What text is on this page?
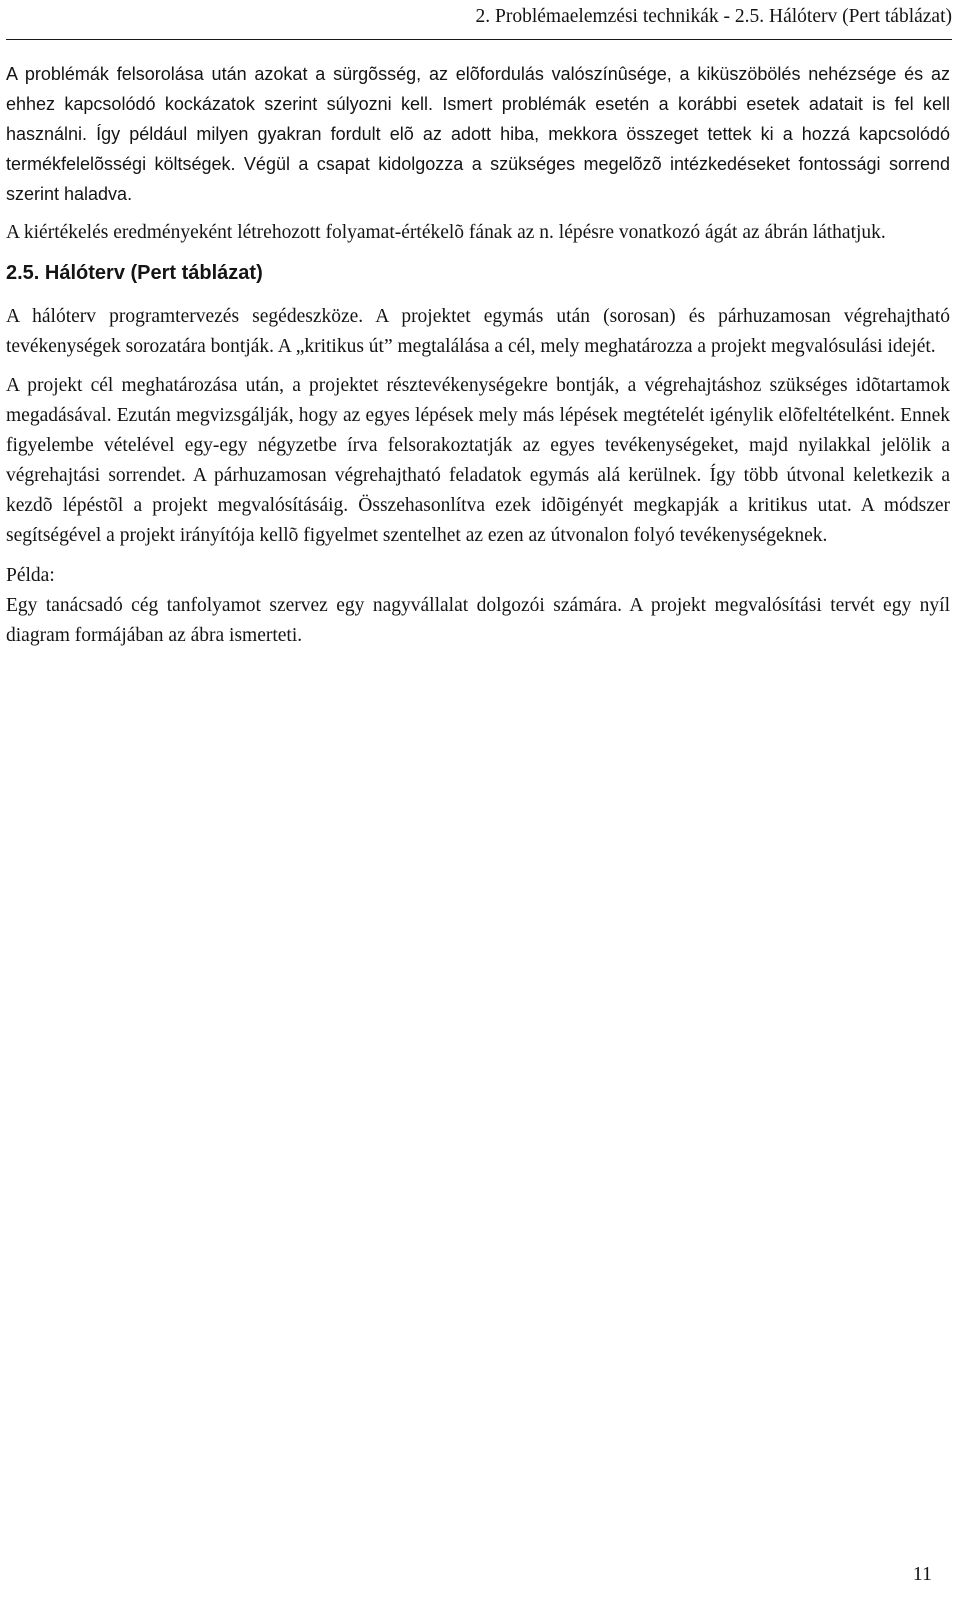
2. Problémaelemzési technikák - 2.5. Hálóterv (Pert táblázat)

A problémák felsorolása után azokat a sürgõsség, az elõfordulás valószínûsége, a kiküszöbölés nehézsége és az ehhez kapcsolódó kockázatok szerint súlyozni kell. Ismert problémák esetén a korábbi esetek adatait is fel kell használni. Így például milyen gyakran fordult elõ az adott hiba, mekkora összeget tettek ki a hozzá kapcsolódó termékfelelõsségi költségek. Végül a csapat kidolgozza a szükséges megelõzõ intézkedéseket fontossági sorrend szerint haladva.

A kiértékelés eredményeként létrehozott folyamat-értékelõ fának az n. lépésre vonatkozó ágát az ábrán láthatjuk.

2.5. Hálóterv (Pert táblázat)

A hálóterv programtervezés segédeszköze. A projektet egymás után (sorosan) és párhuzamosan végrehajtható tevékenységek sorozatára bontják. A „kritikus út” megtalálása a cél, mely meghatározza a projekt megvalósulási idejét.

A projekt cél meghatározása után, a projektet résztevékenységekre bontják, a végrehajtáshoz szükséges idõtartamok megadásával. Ezután megvizsgálják, hogy az egyes lépések mely más lépések megtételét igénylik elõfeltételként. Ennek figyelembe vételével egy-egy négyzetbe írva felsorakoztatják az egyes tevékenységeket, majd nyilakkal jelölik a végrehajtási sorrendet. A párhuzamosan végrehajtható feladatok egymás alá kerülnek. Így több útvonal keletkezik a kezdõ lépéstõl a projekt megvalósításáig. Összehasonlítva ezek idõigényét megkapják a kritikus utat. A módszer segítségével a projekt irányítója kellõ figyelmet szentelhet az ezen az útvonalon folyó tevékenységeknek.

Példa:

Egy tanácsadó cég tanfolyamot szervez egy nagyvállalat dolgozói számára. A projekt megvalósítási tervét egy nyíl diagram formájában az ábra ismerteti.

11
